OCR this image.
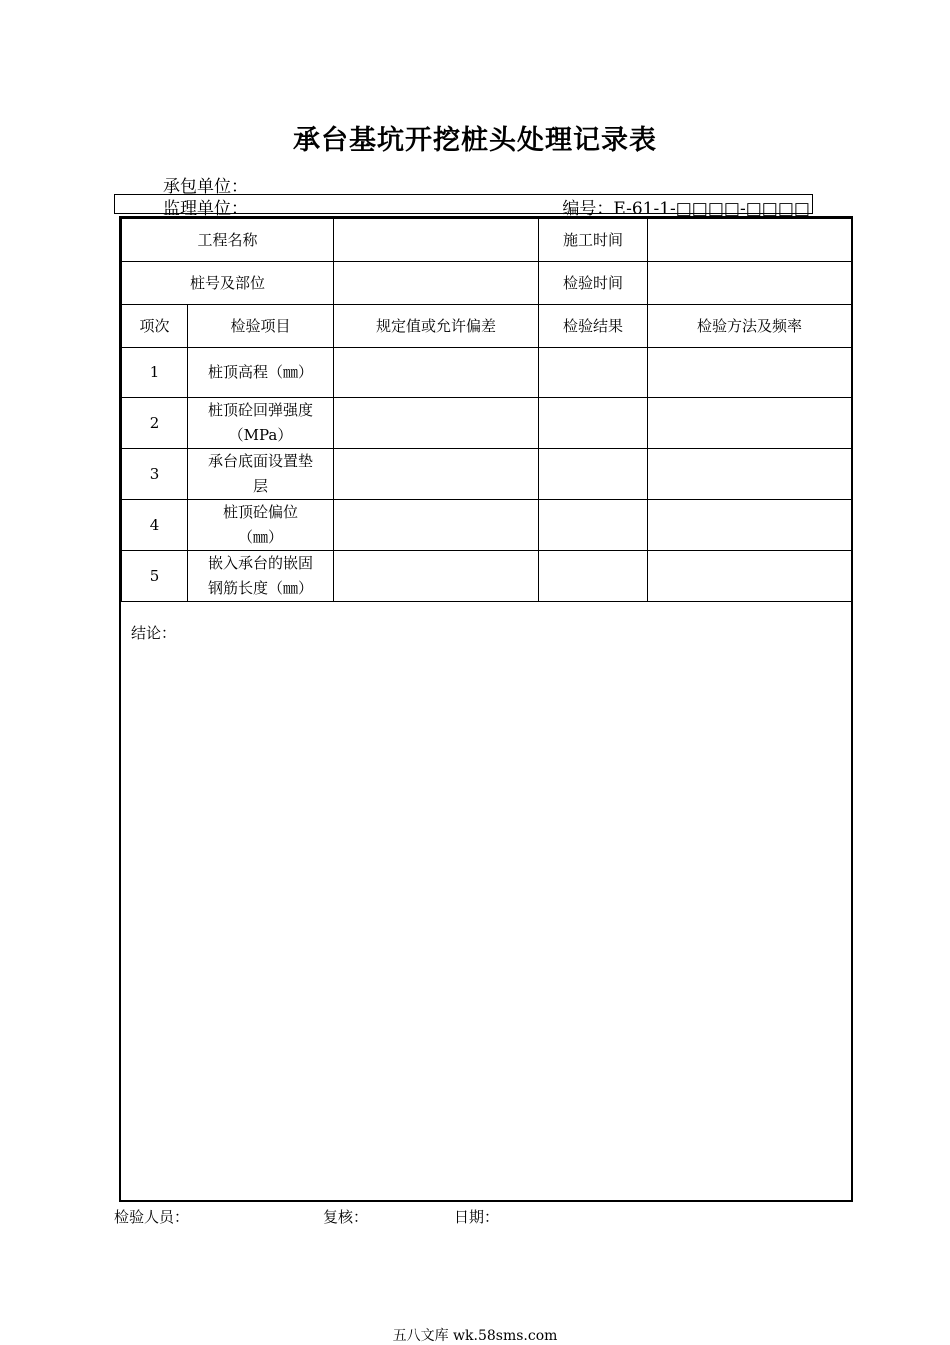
承台基坑开挖桩头处理记录表
承包单位：
监理单位：	编号：E-61-1-□□□□-□□□□
工程名称			施工时间	
桩号及部位			检验时间	
项次	检验项目	规定值或允许偏差	检验结果	检验方法及频率
1	桩顶高程（㎜）			
2	桩顶砼回弹强度
（MPa）			
3	承台底面设置垫
层			
4	桩顶砼偏位
（㎜）			
5	嵌入承台的嵌固
钢筋长度（㎜）			
结论：
检验人员：	复核：	日期：
五八文库 wk.58sms.com
